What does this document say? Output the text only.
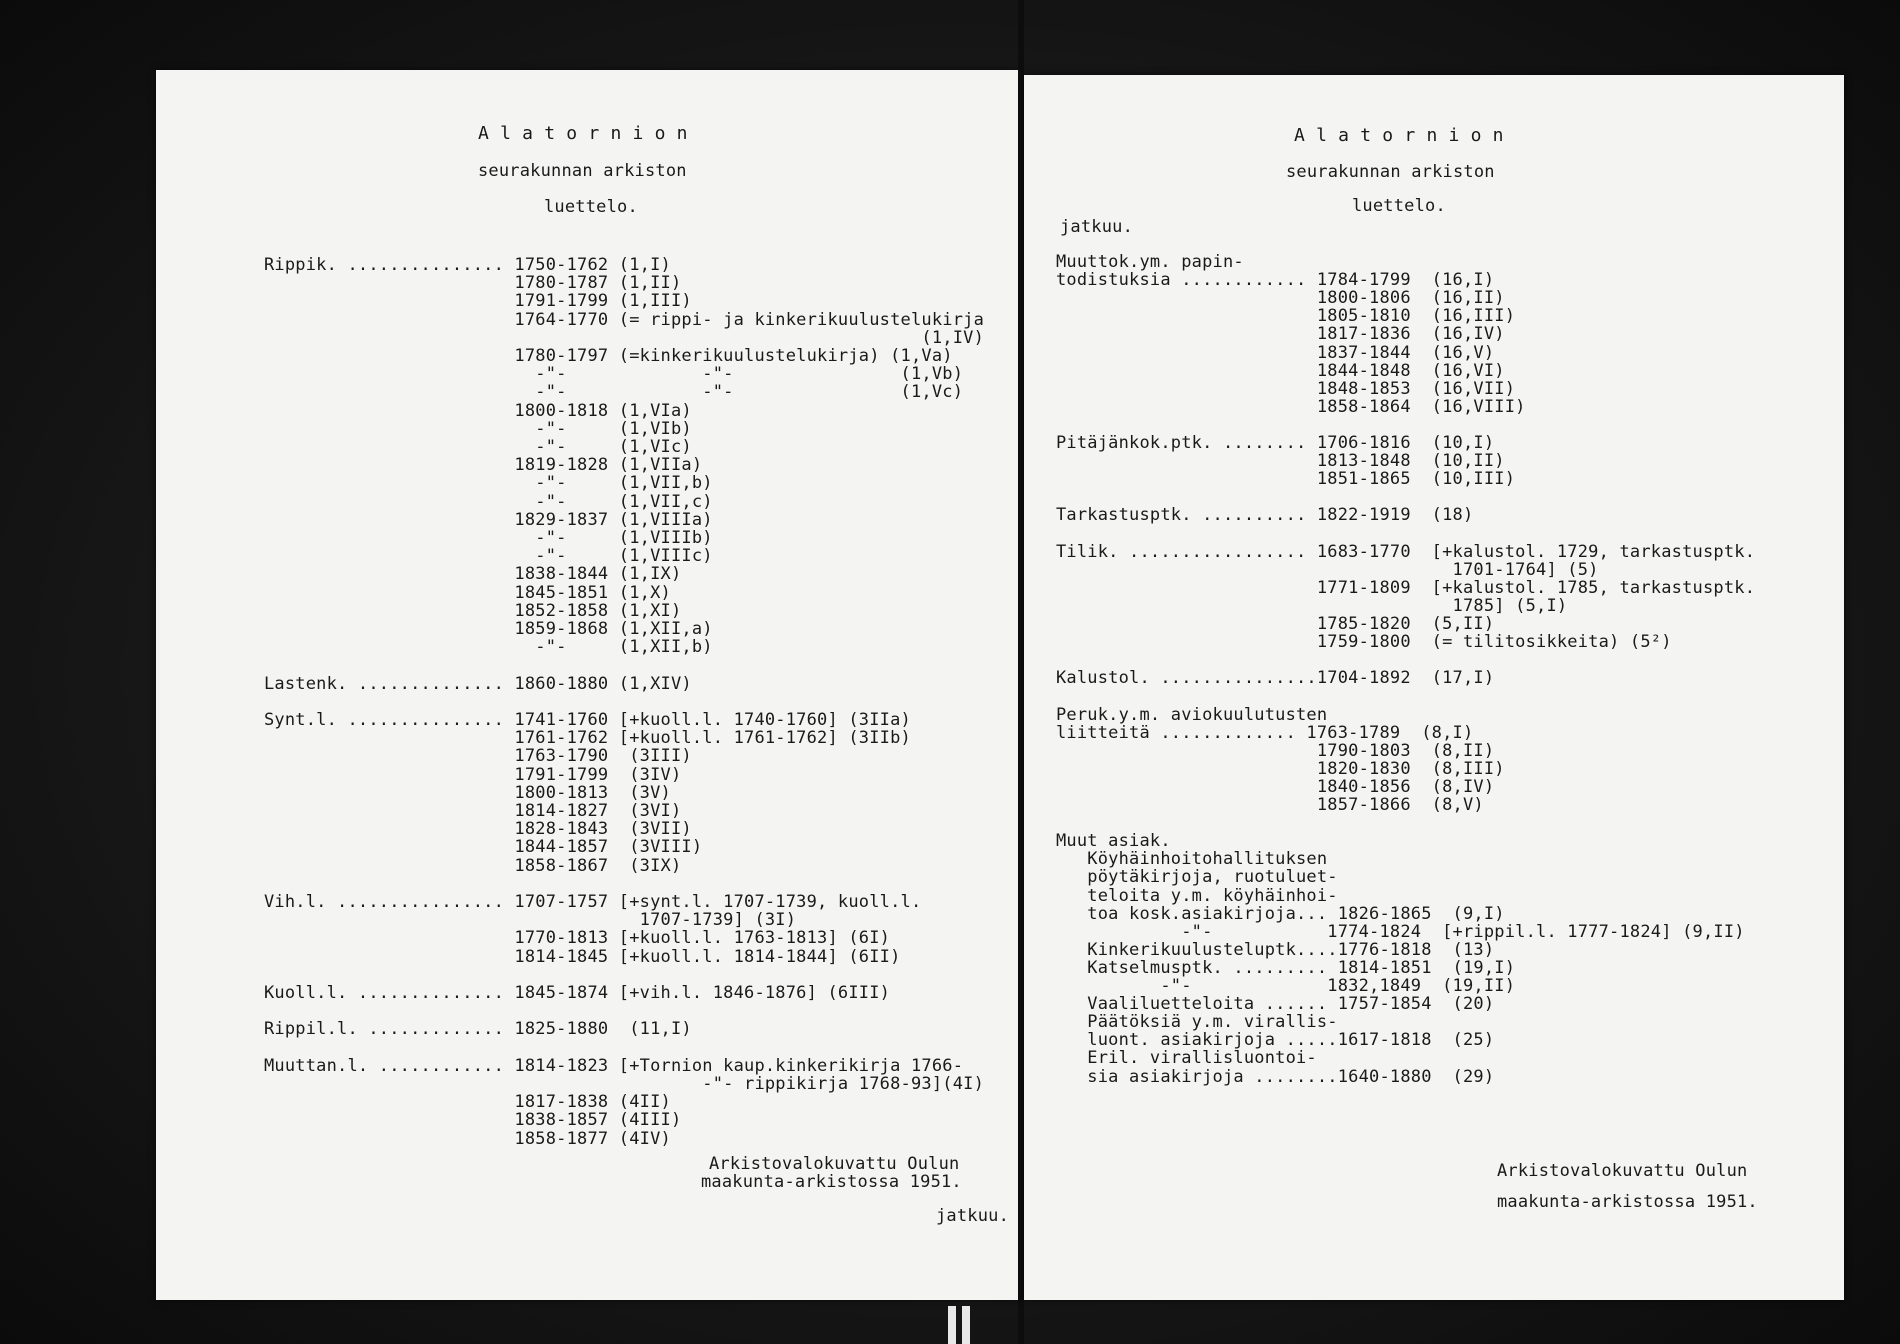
A l a t o r n i o n
seurakunnan arkiston
luettelo.
Rippik. ............... 1750-1762 (1,I)
1780-1787 (1,II)
1791-1799 (1,III)
1764-1770 (= rippi- ja kinkerikuulustelukirja
(1,IV)
1780-1797 (=kinkerikuulustelukirja) (1,Va)
-"-             -"-                (1,Vb)
-"-             -"-                (1,Vc)
1800-1818 (1,VIa)
-"-     (1,VIb)
-"-     (1,VIc)
1819-1828 (1,VIIa)
-"-     (1,VII,b)
-"-     (1,VII,c)
1829-1837 (1,VIIIa)
-"-     (1,VIIIb)
-"-     (1,VIIIc)
1838-1844 (1,IX)
1845-1851 (1,X)
1852-1858 (1,XI)
1859-1868 (1,XII,a)
-"-     (1,XII,b)
Lastenk. .............. 1860-1880 (1,XIV)
Synt.l. ............... 1741-1760 [+kuoll.l. 1740-1760] (3IIa)
1761-1762 [+kuoll.l. 1761-1762] (3IIb)
1763-1790  (3III)
1791-1799  (3IV)
1800-1813  (3V)
1814-1827  (3VI)
1828-1843  (3VII)
1844-1857  (3VIII)
1858-1867  (3IX)
Vih.l. ................ 1707-1757 [+synt.l. 1707-1739, kuoll.l.
1707-1739] (3I)
1770-1813 [+kuoll.l. 1763-1813] (6I)
1814-1845 [+kuoll.l. 1814-1844] (6II)
Kuoll.l. .............. 1845-1874 [+vih.l. 1846-1876] (6III)
Rippil.l. ............. 1825-1880  (11,I)
Muuttan.l. ............ 1814-1823 [+Tornion kaup.kinkerikirja 1766-
-"- rippikirja 1768-93](4I)
1817-1838 (4II)
1838-1857 (4III)
1858-1877 (4IV)
Arkistovalokuvattu Oulun
maakunta-arkistossa 1951.
jatkuu.
A l a t o r n i o n
seurakunnan arkiston
luettelo.
jatkuu.
Muuttok.ym. papin-
todistuksia ............ 1784-1799  (16,I)
1800-1806  (16,II)
1805-1810  (16,III)
1817-1836  (16,IV)
1837-1844  (16,V)
1844-1848  (16,VI)
1848-1853  (16,VII)
1858-1864  (16,VIII)
Pitäjänkok.ptk. ........ 1706-1816  (10,I)
1813-1848  (10,II)
1851-1865  (10,III)
Tarkastusptk. .......... 1822-1919  (18)
Tilik. ................. 1683-1770  [+kalustol. 1729, tarkastusptk.
1701-1764] (5)
1771-1809  [+kalustol. 1785, tarkastusptk.
1785] (5,I)
1785-1820  (5,II)
1759-1800  (= tilitosikkeita) (5²)
Kalustol. ...............1704-1892  (17,I)
Peruk.y.m. aviokuulutusten
liitteitä ............. 1763-1789  (8,I)
1790-1803  (8,II)
1820-1830  (8,III)
1840-1856  (8,IV)
1857-1866  (8,V)
Muut asiak.
Köyhäinhoitohallituksen
pöytäkirjoja, ruotuluet-
teloita y.m. köyhäinhoi-
toa kosk.asiakirjoja... 1826-1865  (9,I)
-"-           1774-1824  [+rippil.l. 1777-1824] (9,II)
Kinkerikuulusteluptk....1776-1818  (13)
Katselmusptk. ......... 1814-1851  (19,I)
-"-             1832,1849  (19,II)
Vaaliluetteloita ...... 1757-1854  (20)
Päätöksiä y.m. virallis-
luont. asiakirjoja .....1617-1818  (25)
Eril. virallisluontoi-
sia asiakirjoja ........1640-1880  (29)
Arkistovalokuvattu Oulun
maakunta-arkistossa 1951.
